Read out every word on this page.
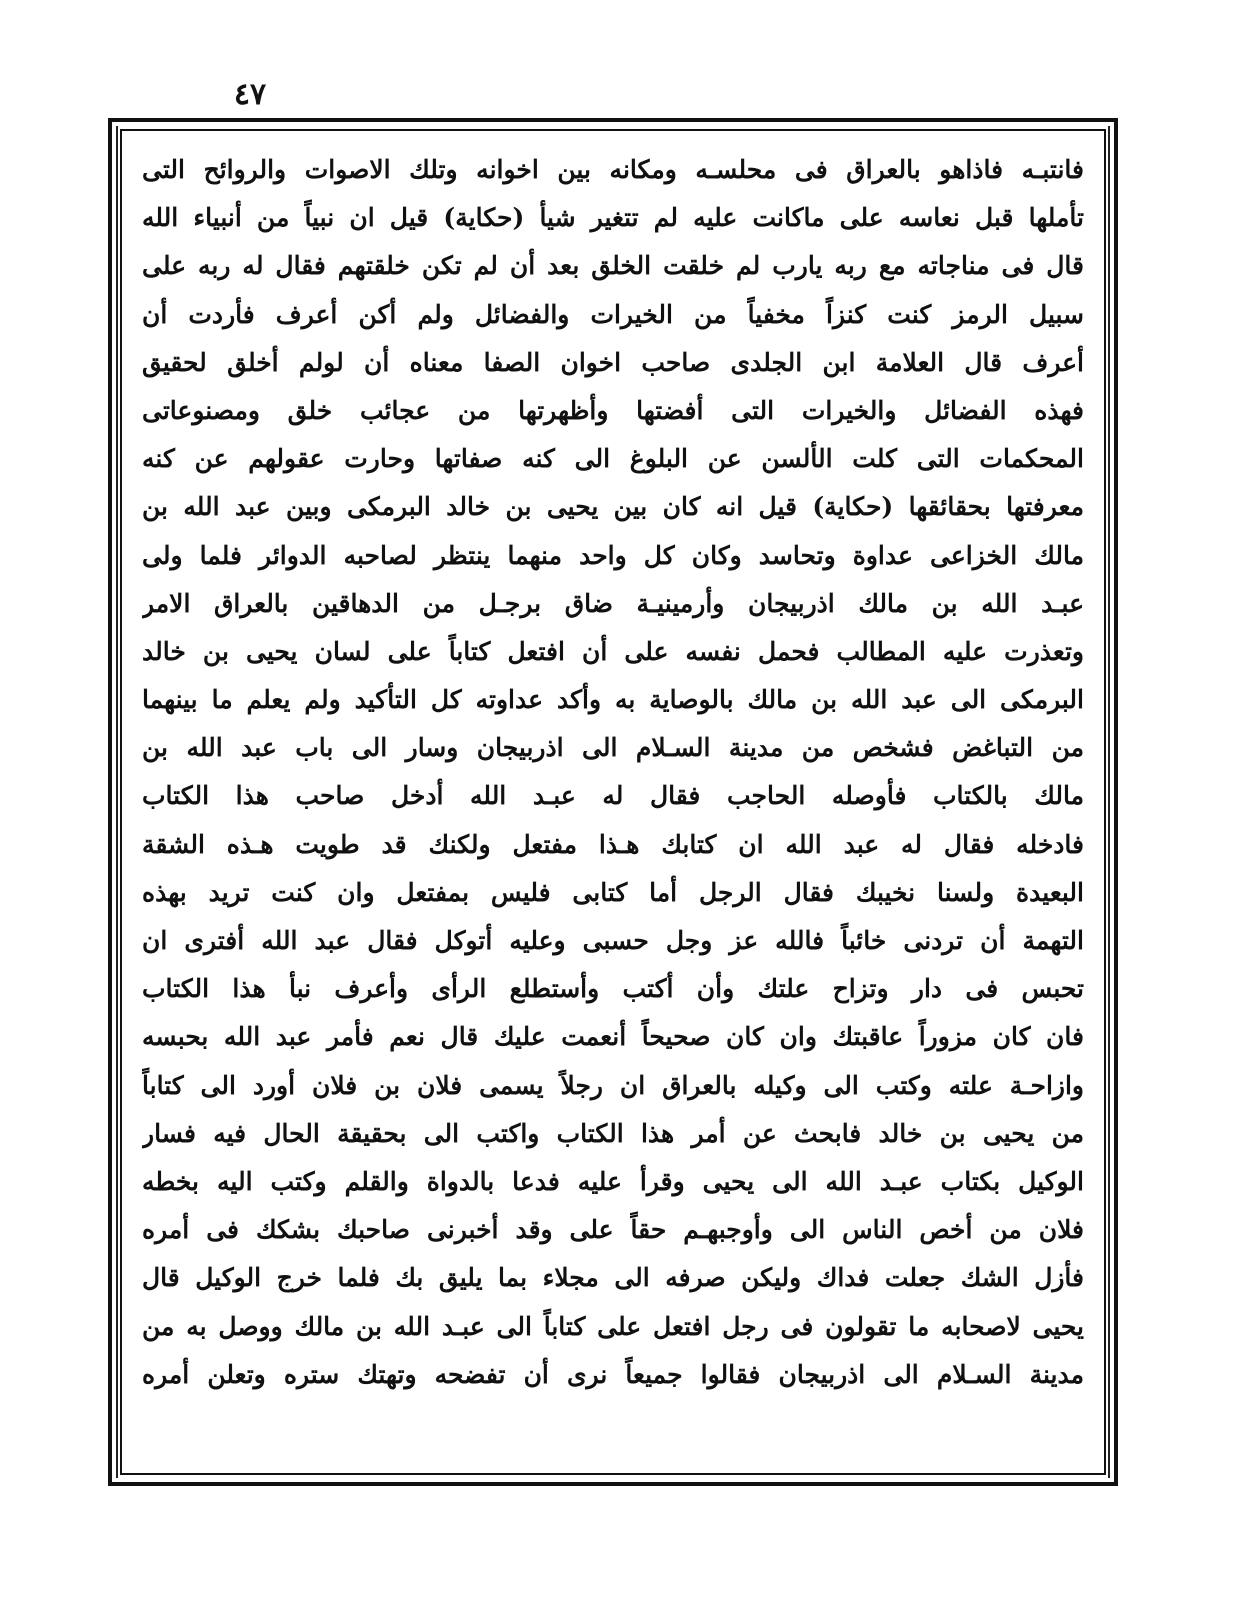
٤٧
فانتبـه فاذاهو بالعراق فى محلسـه ومكانه بين اخوانه وتلك الاصوات والروائح التى
تأملها قبل نعاسه على ماكانت عليه لم تتغير شيأ (حكاية) قيل ان نبياً من أنبياء الله
قال فى مناجاته مع ربه يارب لم خلقت الخلق بعد أن لم تكن خلقتهم فقال له ربه على
سبيل الرمز كنت كنزاً مخفياً من الخيرات والفضائل ولم أكن أعرف فأردت أن
أعرف قال العلامة ابن الجلدى صاحب اخوان الصفا معناه أن لولم أخلق لحقيق
فهذه الفضائل والخيرات التى أفضتها وأظهرتها من عجائب خلق ومصنوعاتى
المحكمات التى كلت الألسن عن البلوغ الى كنه صفاتها وحارت عقولهم عن كنه
معرفتها بحقائقها (حكاية) قيل انه كان بين يحيى بن خالد البرمكى وبين عبد الله بن
مالك الخزاعى عداوة وتحاسد وكان كل واحد منهما ينتظر لصاحبه الدوائر فلما ولى
عبـد الله بن مالك اذربيجان وأرمينيـة ضاق برجـل من الدهاقين بالعراق الامر
وتعذرت عليه المطالب فحمل نفسه على أن افتعل كتاباً على لسان يحيى بن خالد
البرمكى الى عبد الله بن مالك بالوصاية به وأكد عداوته كل التأكيد ولم يعلم ما بينهما
من التباغض فشخص من مدينة السـلام الى اذربيجان وسار الى باب عبد الله بن
مالك بالكتاب فأوصله الحاجب فقال له عبـد الله أدخل صاحب هذا الكتاب
فادخله فقال له عبد الله ان كتابك هـذا مفتعل ولكنك قد طويت هـذه الشقة
البعيدة ولسنا نخيبك فقال الرجل أما كتابى فليس بمفتعل وان كنت تريد بهذه
التهمة أن تردنى خائباً فالله عز وجل حسبى وعليه أتوكل فقال عبد الله أفترى ان
تحبس فى دار وتزاح علتك وأن أكتب وأستطلع الرأى وأعرف نبأ هذا الكتاب
فان كان مزوراً عاقبتك وان كان صحيحاً أنعمت عليك قال نعم فأمر عبد الله بحبسه
وازاحـة علته وكتب الى وكيله بالعراق ان رجلاً يسمى فلان بن فلان أورد الى كتاباً
من يحيى بن خالد فابحث عن أمر هذا الكتاب واكتب الى بحقيقة الحال فيه فسار
الوكيل بكتاب عبـد الله الى يحيى وقرأ عليه فدعا بالدواة والقلم وكتب اليه بخطه
فلان من أخص الناس الى وأوجبهـم حقاً على وقد أخبرنى صاحبك بشكك فى أمره
فأزل الشك جعلت فداك وليكن صرفه الى مجلاء بما يليق بك فلما خرج الوكيل قال
يحيى لاصحابه ما تقولون فى رجل افتعل على كتاباً الى عبـد الله بن مالك ووصل به من
مدينة السـلام الى اذربيجان فقالوا جميعاً نرى أن تفضحه وتهتك ستره وتعلن أمره
